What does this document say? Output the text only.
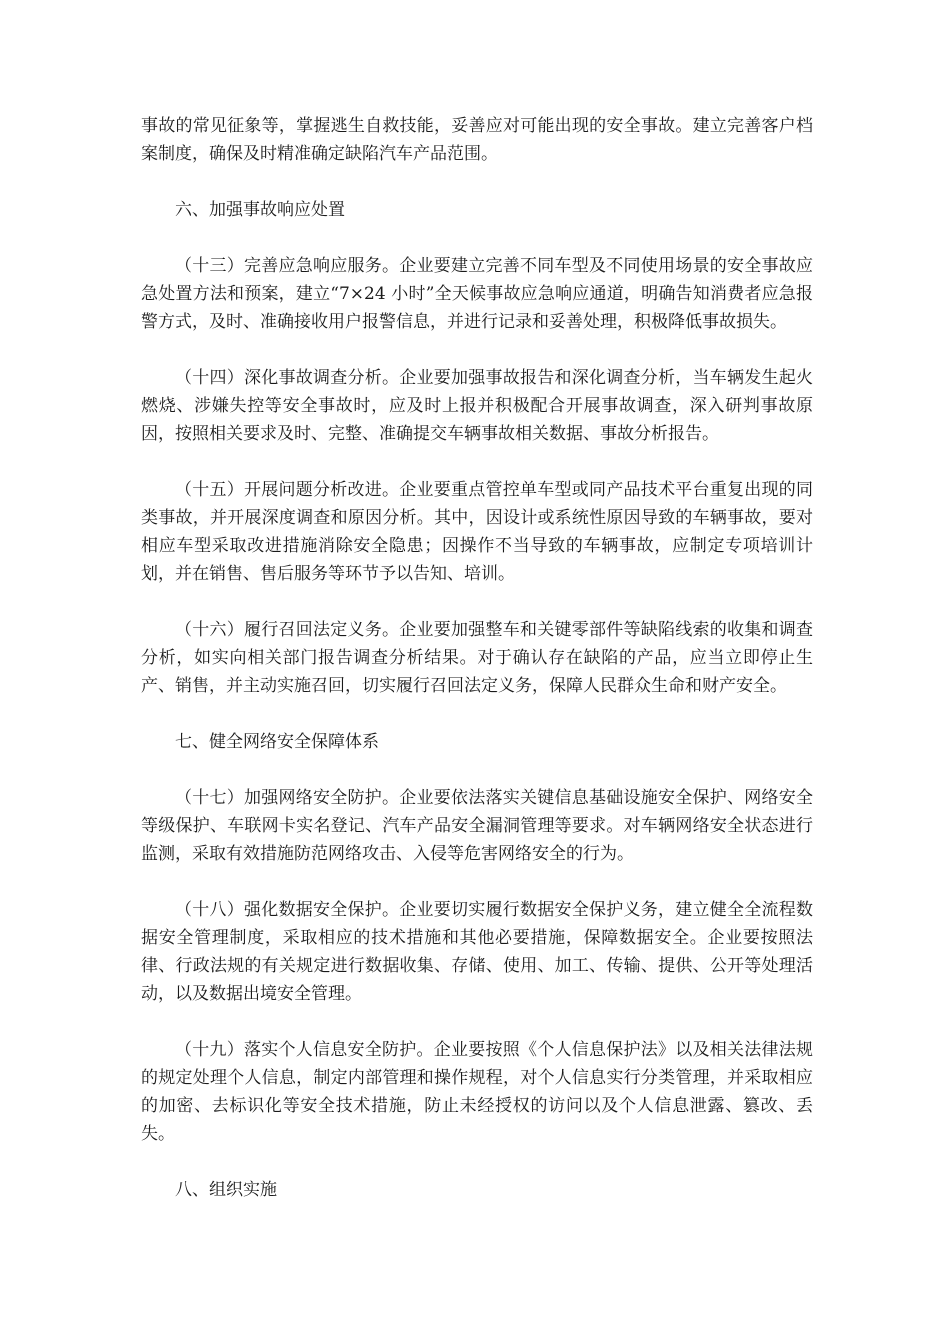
事故的常见征象等，掌握逃生自救技能，妥善应对可能出现的安全事故。建立完善客户档案制度，确保及时精准确定缺陷汽车产品范围。

六、加强事故响应处置

（十三）完善应急响应服务。企业要建立完善不同车型及不同使用场景的安全事故应急处置方法和预案，建立“7×24 小时”全天候事故应急响应通道，明确告知消费者应急报警方式，及时、准确接收用户报警信息，并进行记录和妥善处理，积极降低事故损失。

（十四）深化事故调查分析。企业要加强事故报告和深化调查分析，当车辆发生起火燃烧、涉嫌失控等安全事故时，应及时上报并积极配合开展事故调查，深入研判事故原因，按照相关要求及时、完整、准确提交车辆事故相关数据、事故分析报告。

（十五）开展问题分析改进。企业要重点管控单车型或同产品技术平台重复出现的同类事故，并开展深度调查和原因分析。其中，因设计或系统性原因导致的车辆事故，要对相应车型采取改进措施消除安全隐患；因操作不当导致的车辆事故，应制定专项培训计划，并在销售、售后服务等环节予以告知、培训。

（十六）履行召回法定义务。企业要加强整车和关键零部件等缺陷线索的收集和调查分析，如实向相关部门报告调查分析结果。对于确认存在缺陷的产品，应当立即停止生产、销售，并主动实施召回，切实履行召回法定义务，保障人民群众生命和财产安全。

七、健全网络安全保障体系

（十七）加强网络安全防护。企业要依法落实关键信息基础设施安全保护、网络安全等级保护、车联网卡实名登记、汽车产品安全漏洞管理等要求。对车辆网络安全状态进行监测，采取有效措施防范网络攻击、入侵等危害网络安全的行为。

（十八）强化数据安全保护。企业要切实履行数据安全保护义务，建立健全全流程数据安全管理制度，采取相应的技术措施和其他必要措施，保障数据安全。企业要按照法律、行政法规的有关规定进行数据收集、存储、使用、加工、传输、提供、公开等处理活动，以及数据出境安全管理。

（十九）落实个人信息安全防护。企业要按照《个人信息保护法》以及相关法律法规的规定处理个人信息，制定内部管理和操作规程，对个人信息实行分类管理，并采取相应的加密、去标识化等安全技术措施，防止未经授权的访问以及个人信息泄露、篡改、丢失。

八、组织实施
